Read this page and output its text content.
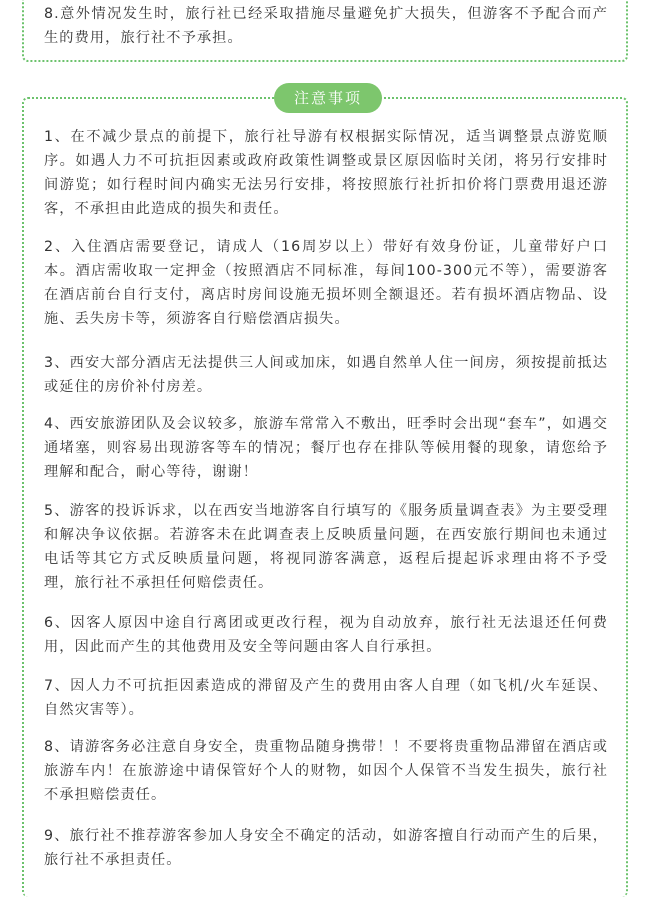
8.意外情况发生时，旅行社已经采取措施尽量避免扩大损失，但游客不予配合而产生的费用，旅行社不予承担。

注意事项

1、在不减少景点的前提下，旅行社导游有权根据实际情况，适当调整景点游览顺序。如遇人力不可抗拒因素或政府政策性调整或景区原因临时关闭，将另行安排时间游览；如行程时间内确实无法另行安排，将按照旅行社折扣价将门票费用退还游客，不承担由此造成的损失和责任。

2、入住酒店需要登记，请成人（16周岁以上）带好有效身份证，儿童带好户口本。酒店需收取一定押金（按照酒店不同标准，每间100-300元不等），需要游客在酒店前台自行支付，离店时房间设施无损坏则全额退还。若有损坏酒店物品、设施、丢失房卡等，须游客自行赔偿酒店损失。

3、西安大部分酒店无法提供三人间或加床，如遇自然单人住一间房，须按提前抵达或延住的房价补付房差。

4、西安旅游团队及会议较多，旅游车常常入不敷出，旺季时会出现“套车”，如遇交通堵塞，则容易出现游客等车的情况；餐厅也存在排队等候用餐的现象，请您给予理解和配合，耐心等待，谢谢！

5、游客的投诉诉求，以在西安当地游客自行填写的《服务质量调查表》为主要受理和解决争议依据。若游客未在此调查表上反映质量问题，在西安旅行期间也未通过电话等其它方式反映质量问题，将视同游客满意，返程后提起诉求理由将不予受理，旅行社不承担任何赔偿责任。

6、因客人原因中途自行离团或更改行程，视为自动放弃，旅行社无法退还任何费用，因此而产生的其他费用及安全等问题由客人自行承担。

7、因人力不可抗拒因素造成的滞留及产生的费用由客人自理（如飞机/火车延误、自然灾害等）。

8、请游客务必注意自身安全，贵重物品随身携带！！不要将贵重物品滞留在酒店或旅游车内！在旅游途中请保管好个人的财物，如因个人保管不当发生损失，旅行社不承担赔偿责任。

9、旅行社不推荐游客参加人身安全不确定的活动，如游客擅自行动而产生的后果，旅行社不承担责任。
